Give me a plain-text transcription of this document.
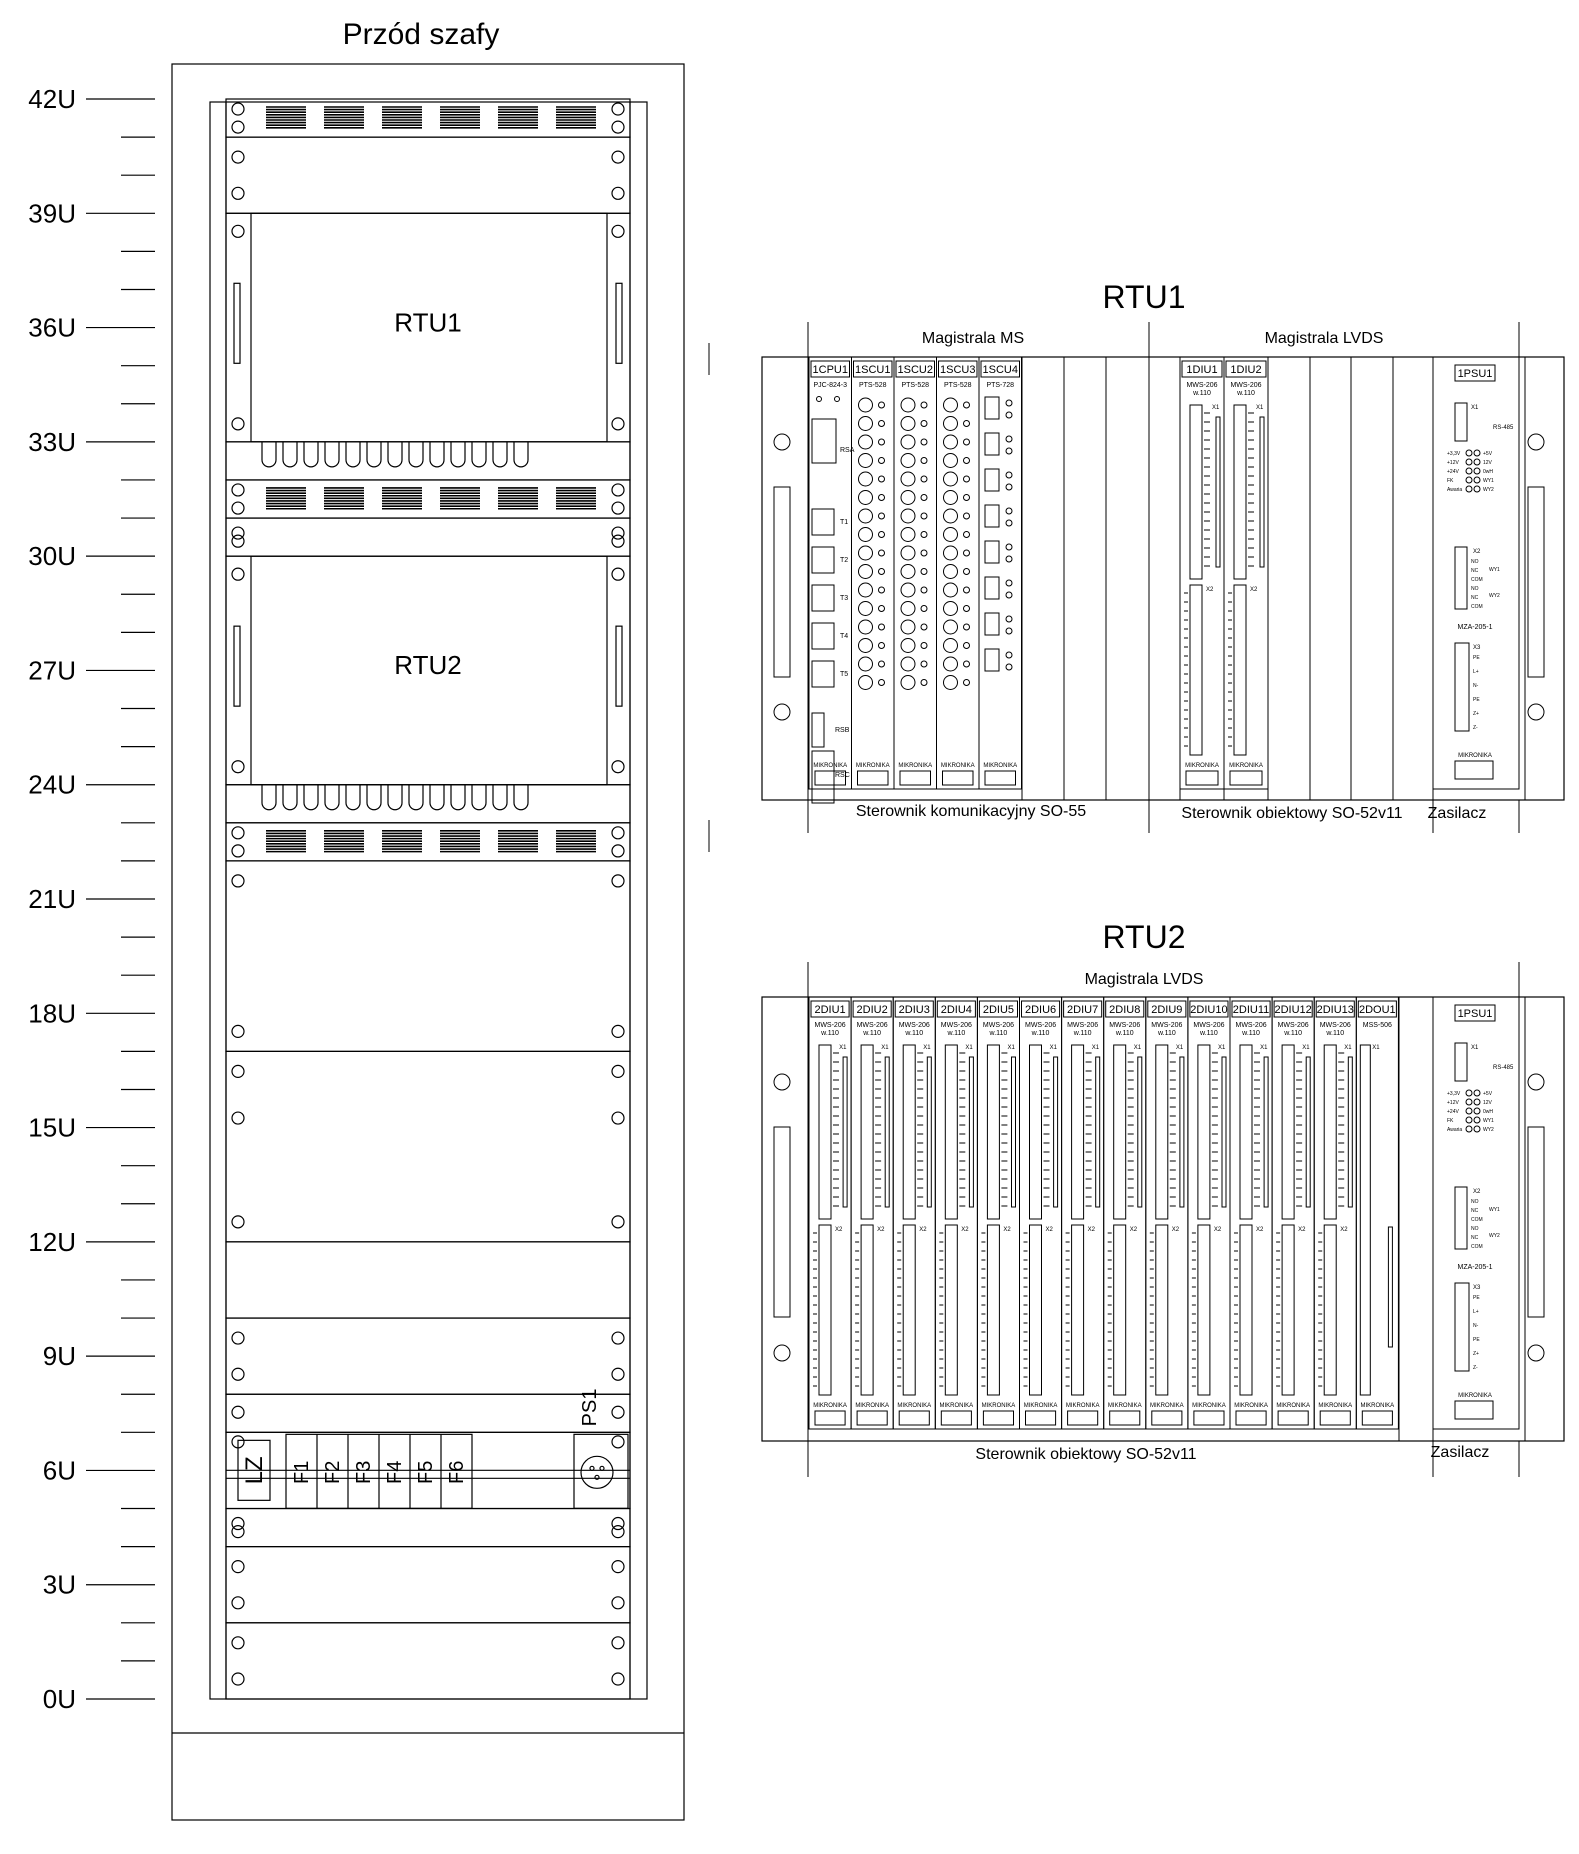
Przód szafy
42U
39U
36U
33U
30U
27U
24U
21U
18U
15U
12U
9U
6U
3U
0U
RTU1
RTU2
LZ F1 F2 F3 F4 F5 F6
PS1
RTU1
Magistrala MS	Magistrala LVDS
Sterownik komunikacyjny SO-55	Sterownik obiektowy SO-52v11 Zasilacz
1CPU1
PJC-824-3
MIKRONIKA
RSA
T1
T2
T3
T4
T5
RSB
RSC
1SCU1
PTS-528
MIKRONIKA
1SCU2
PTS-528
MIKRONIKA
1SCU3
PTS-528
MIKRONIKA
1SCU4
PTS-728
MIKRONIKA
1DIU1
MWS-206
w.110
MIKRONIKA
X1
X2
1DIU2
MWS-206
w.110
MIKRONIKA
X1
X2
1PSU1
X1
RS-485
+3,3V	+5V
+12V	12V
+24V	0wH
FK	WY1
Awaria	WY2
X2
NO
NC
COM
NO
NC
COM
WY1
WY2
MZA-205-1
X3
PE
L+
N-
PE
Z+
Z-
MIKRONIKA
RTU2
Magistrala LVDS
Sterownik obiektowy SO-52v11	Zasilacz
2DIU1
MWS-206
w.110
MIKRONIKA
X1
X2
2DIU2
MWS-206
w.110
MIKRONIKA
X1
X2
2DIU3
MWS-206
w.110
MIKRONIKA
X1
X2
2DIU4
MWS-206
w.110
MIKRONIKA
X1
X2
2DIU5
MWS-206
w.110
MIKRONIKA
X1
X2
2DIU6
MWS-206
w.110
MIKRONIKA
X1
X2
2DIU7
MWS-206
w.110
MIKRONIKA
X1
X2
2DIU8
MWS-206
w.110
MIKRONIKA
X1
X2
2DIU9
MWS-206
w.110
MIKRONIKA
X1
X2
2DIU10
MWS-206
w.110
MIKRONIKA
X1
X2
2DIU11
MWS-206
w.110
MIKRONIKA
X1
X2
2DIU12
MWS-206
w.110
MIKRONIKA
X1
X2
2DIU13
MWS-206
w.110
MIKRONIKA
X1
X2
2DOU1
MSS-506
MIKRONIKA
X1
1PSU1
X1
RS-485
+3,3V	+5V
+12V	12V
+24V	0wH
FK	WY1
Awaria	WY2
X2
NO
NC
COM
NO
NC
COM
WY1
WY2
MZA-205-1
X3
PE
L+
N-
PE
Z+
Z-
MIKRONIKA
